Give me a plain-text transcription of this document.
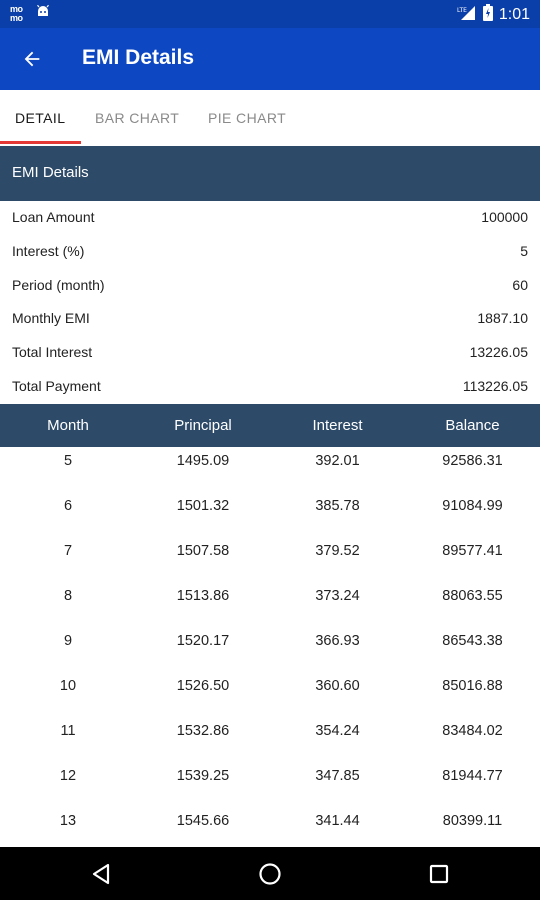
mo mo
LTE 1:01
EMI Details
DETAIL BAR CHART PIE CHART
EMI Details
Loan Amount	100000
Interest (%)	5
Period (month)	60
Monthly EMI	1887.10
Total Interest	13226.05
Total Payment	113226.05
Month	Principal	Interest	Balance
5	1495.09	392.01	92586.31
6	1501.32	385.78	91084.99
7	1507.58	379.52	89577.41
8	1513.86	373.24	88063.55
9	1520.17	366.93	86543.38
10	1526.50	360.60	85016.88
11	1532.86	354.24	83484.02
12	1539.25	347.85	81944.77
13	1545.66	341.44	80399.11
